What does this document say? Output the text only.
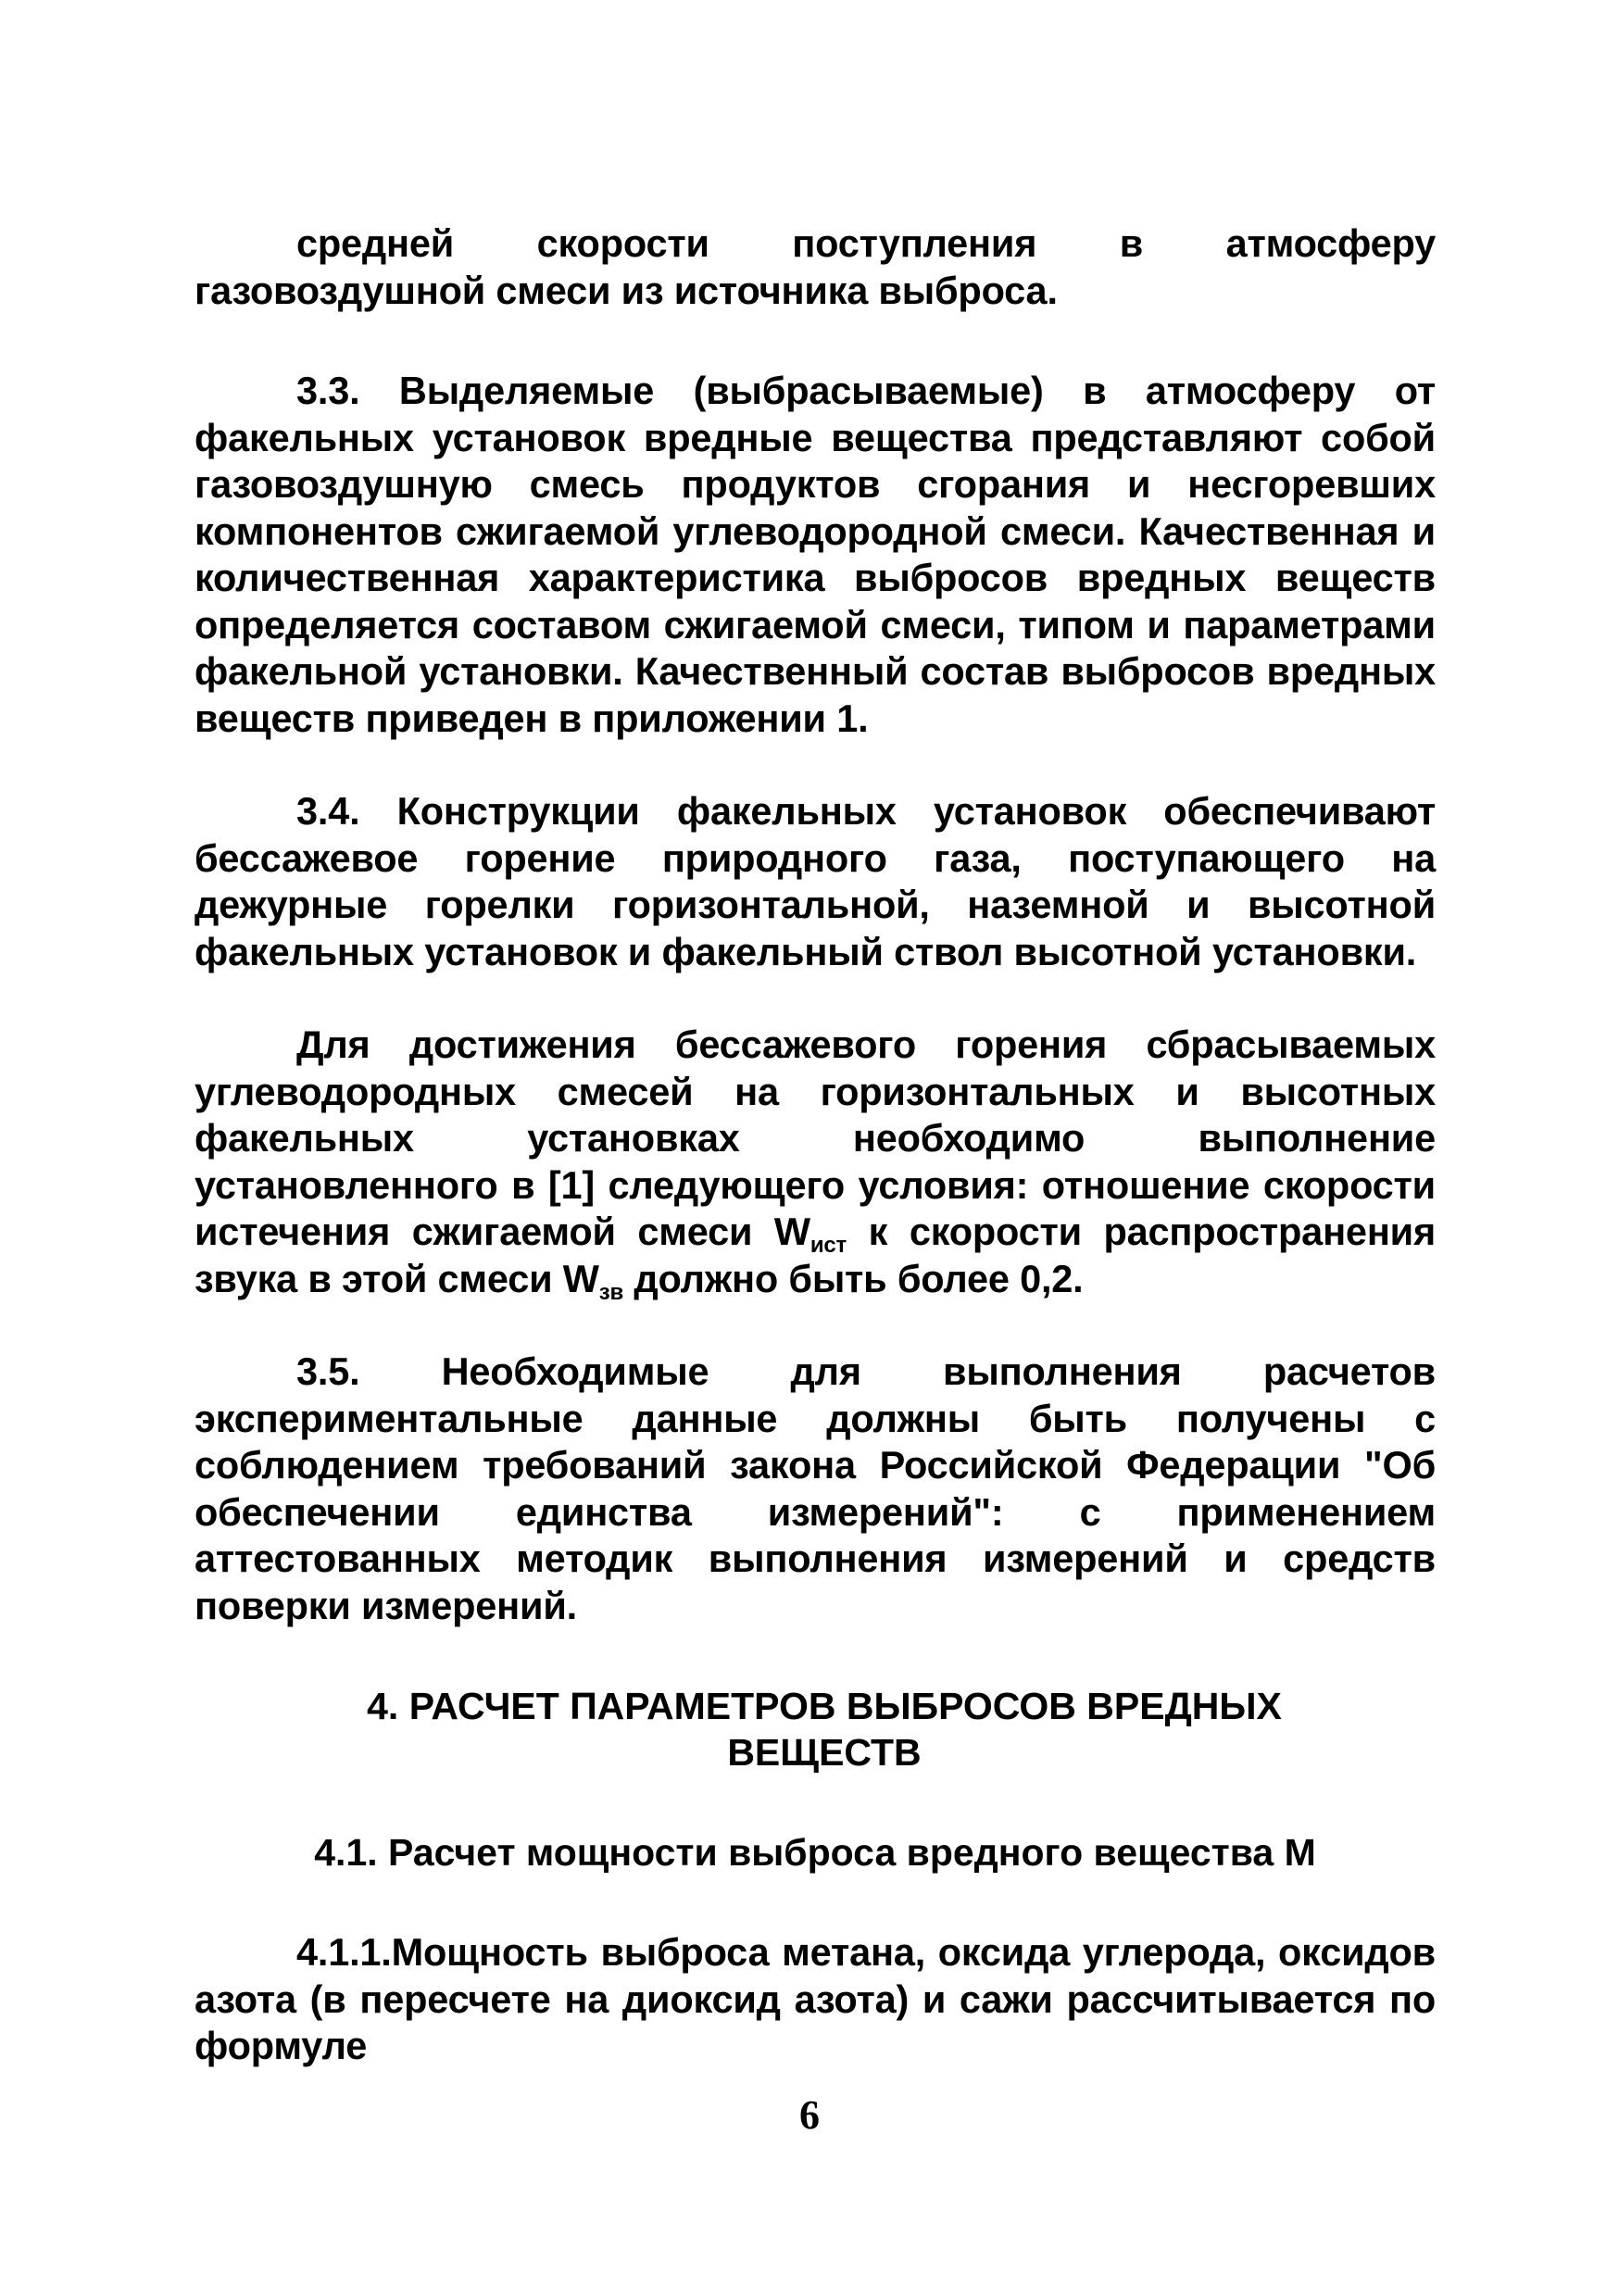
средней скорости поступления в атмосферу газовоздушной смеси из источника выброса.

3.3. Выделяемые (выбрасываемые) в атмосферу от факельных установок вредные вещества представляют собой газовоздушную смесь продуктов сгорания и несгоревших компонентов сжигаемой углеводородной смеси. Качественная и количественная характеристика выбросов вредных веществ определяется составом сжигаемой смеси, типом и параметрами факельной установки. Качественный состав выбросов вредных веществ приведен в приложении 1.

3.4. Конструкции факельных установок обеспечивают бессажевое горение природного газа, поступающего на дежурные горелки горизонтальной, наземной и высотной факельных установок и факельный ствол высотной установки.

Для достижения бессажевого горения сбрасываемых углеводородных смесей на горизонтальных и высотных факельных установках необходимо выполнение установленного в [1] следующего условия: отношение скорости истечения сжигаемой смеси $W_{ист}$ к скорости распространения звука в этой смеси $W_{зв}$ должно быть более 0,2.

3.5. Необходимые для выполнения расчетов экспериментальные данные должны быть получены с соблюдением требований закона Российской Федерации "Об обеспечении единства измерений": с применением аттестованных методик выполнения измерений и средств поверки измерений.

4. РАСЧЕТ ПАРАМЕТРОВ ВЫБРОСОВ ВРЕДНЫХ

ВЕЩЕСТВ

4.1. Расчет мощности выброса вредного вещества М

4.1.1.Мощность выброса метана, оксида углерода, оксидов азота (в пересчете на диоксид азота) и сажи рассчитывается по формуле

6
